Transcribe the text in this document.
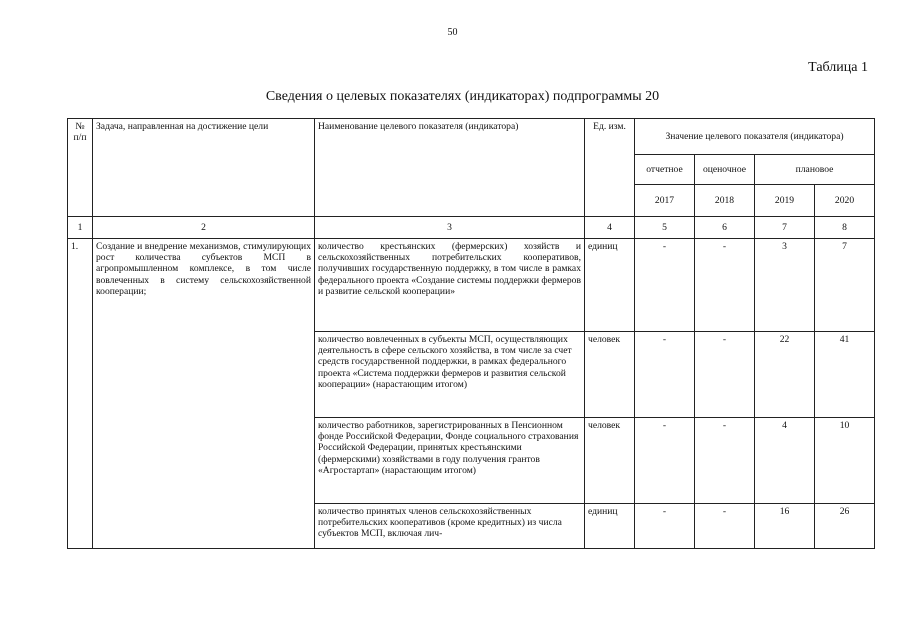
50
Таблица 1
Сведения о целевых показателях (индикаторах) подпрограммы 20
№ п/п	Задача, направленная на достижение цели	Наименование целевого показателя (индикатора)	Ед. изм.	Значение целевого показателя (индикатора)			
				отчетное	оценочное	плановое	
				2017	2018	2019	2020
1	2	3	4	5	6	7	8
1.	Создание и внедрение механизмов, стимулирующих рост количества субъектов МСП в агропромышленном комплексе, в том числе вовлеченных в систему сельскохозяйственной кооперации;	количество крестьянских (фермерских) хозяйств и сельскохозяйственных потребительских кооперативов, получивших государственную поддержку, в том числе в рамках федерального проекта «Создание системы поддержки фермеров и развитие сельской кооперации»	единиц	-	-	3	7
		количество вовлеченных в субъекты МСП, осуществляющих деятельность в сфере сельского хозяйства, в том числе за счет средств государственной поддержки, в рамках федерального проекта «Система поддержки фермеров и развития сельской кооперации» (нарастающим итогом)	человек	-	-	22	41
		количество работников, зарегистрированных в Пенсионном фонде Российской Федерации, Фонде социального страхования Российской Федерации, принятых крестьянскими (фермерскими) хозяйствами в году получения грантов «Агростартап» (нарастающим итогом)	человек	-	-	4	10
		количество принятых членов сельскохозяйственных потребительских кооперативов (кроме кредитных) из числа субъектов МСП, включая лич-	единиц	-	-	16	26
